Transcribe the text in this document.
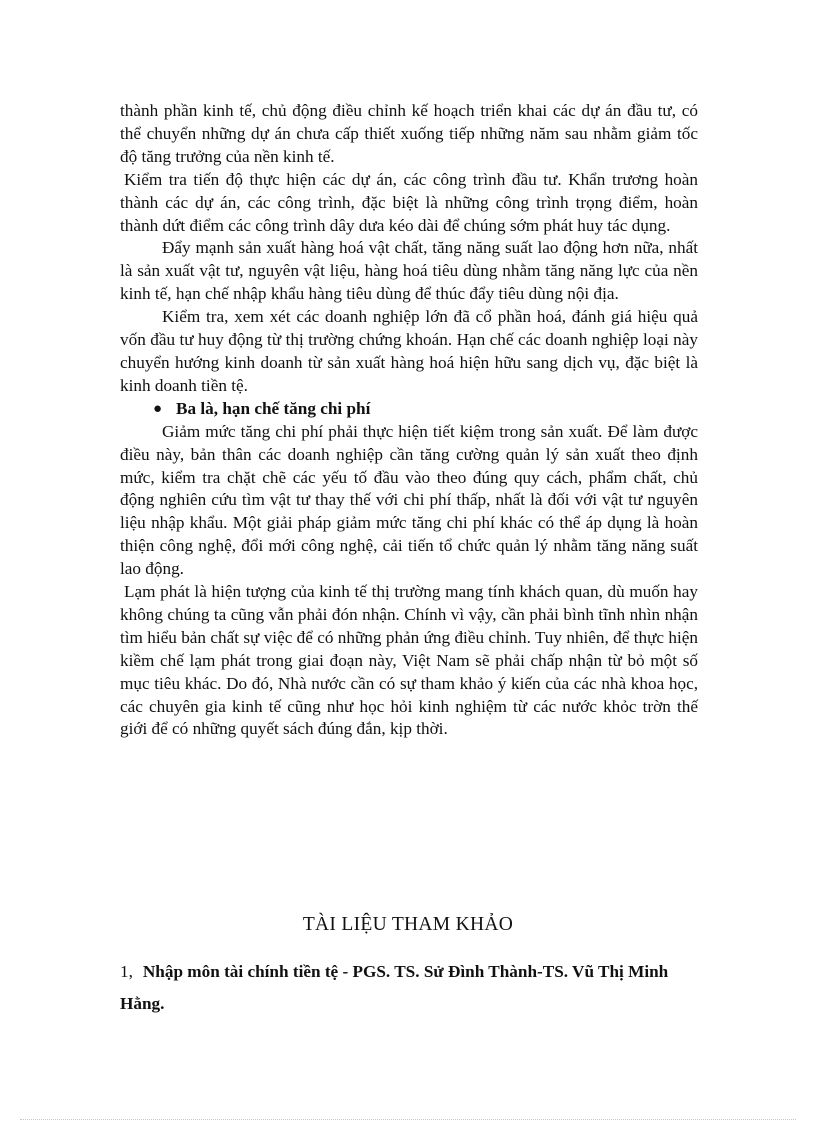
thành phần kinh tế, chủ động điều chỉnh kế hoạch triển khai các dự án đầu tư, có thể chuyển những dự án chưa cấp thiết xuống tiếp những năm sau nhằm giảm tốc độ tăng trưởng của nền kinh tế.

Kiểm tra tiến độ thực hiện các dự án, các công trình đầu tư. Khẩn trương hoàn thành các dự án, các công trình, đặc biệt là những công trình trọng điểm, hoàn thành dứt điểm các công trình dây dưa kéo dài để chúng sớm phát huy tác dụng.

Đẩy mạnh sản xuất hàng hoá vật chất, tăng năng suất lao động hơn nữa, nhất là sản xuất vật tư, nguyên vật liệu, hàng hoá tiêu dùng nhằm tăng năng lực của nền kinh tế, hạn chế nhập khẩu hàng tiêu dùng để thúc đẩy tiêu dùng nội địa.

Kiểm tra, xem xét các doanh nghiệp lớn đã cổ phần hoá, đánh giá hiệu quả vốn đầu tư huy động từ thị trường chứng khoán. Hạn chế các doanh nghiệp loại này chuyển hướng kinh doanh từ sản xuất hàng hoá hiện hữu sang dịch vụ, đặc biệt là kinh doanh tiền tệ.

● Ba là, hạn chế tăng chi phí

Giảm mức tăng chi phí phải thực hiện tiết kiệm trong sản xuất. Để làm được điều này, bản thân các doanh nghiệp cần tăng cường quản lý sản xuất theo định mức, kiểm tra chặt chẽ các yếu tố đầu vào theo đúng quy cách, phẩm chất, chủ động nghiên cứu tìm vật tư thay thế với chi phí thấp, nhất là đối với vật tư nguyên liệu nhập khẩu. Một giải pháp giảm mức tăng chi phí khác có thể áp dụng là hoàn thiện công nghệ, đổi mới công nghệ, cải tiến tổ chức quản lý nhằm tăng năng suất lao động.

Lạm phát là hiện tượng của kinh tế thị trường mang tính khách quan, dù muốn hay không chúng ta cũng vẫn phải đón nhận. Chính vì vậy, cần phải bình tĩnh nhìn nhận tìm hiểu bản chất sự việc để có những phản ứng điều chỉnh. Tuy nhiên, để thực hiện kiềm chế lạm phát trong giai đoạn này, Việt Nam sẽ phải chấp nhận từ bỏ một số mục tiêu khác. Do đó, Nhà nước cần có sự tham khảo ý kiến của các nhà khoa học, các chuyên gia kinh tế cũng như học hỏi kinh nghiệm từ các nước khỏc trờn thế giới để có những quyết sách đúng đắn, kịp thời.

TÀI LIỆU THAM KHẢO
1, Nhập môn tài chính tiền tệ - PGS. TS. Sử Đình Thành-TS. Vũ Thị Minh Hằng.
